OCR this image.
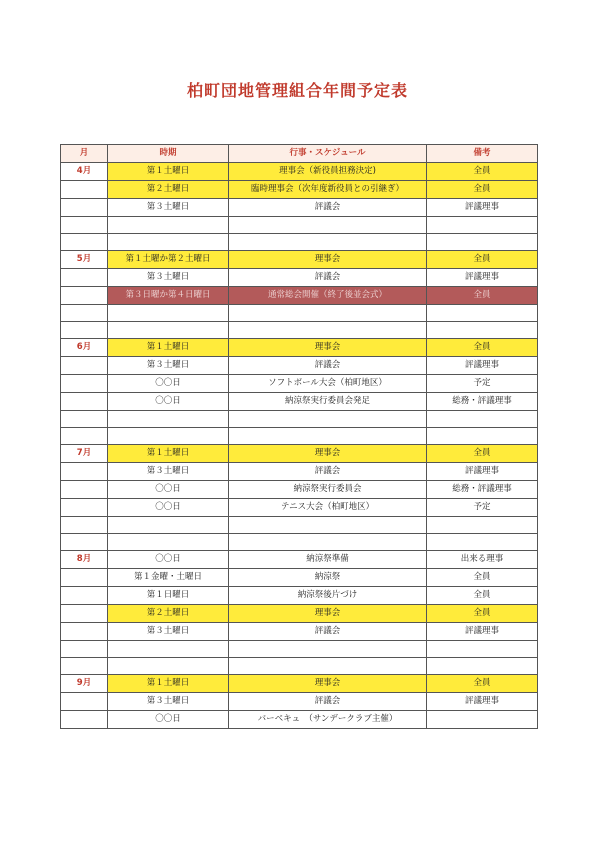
柏町団地管理組合年間予定表
月	時期	行事・スケジュール	備考
4月	第１土曜日	理事会（新役員担務決定)	全員
	第２土曜日	臨時理事会（次年度新役員との引継ぎ）	全員
	第３土曜日	評議会	評議理事

5月	第１土曜か第２土曜日	理事会	全員
	第３土曜日	評議会	評議理事
	第３日曜か第４日曜日	通常総会開催（終了後並会式）	全員

6月	第１土曜日	理事会	全員
	第３土曜日	評議会	評議理事
	〇〇日	ソフトボール大会（柏町地区）	予定
	〇〇日	納涼祭実行委員会発足	総務・評議理事

7月	第１土曜日	理事会	全員
	第３土曜日	評議会	評議理事
	〇〇日	納涼祭実行委員会	総務・評議理事
	〇〇日	テニス大会（柏町地区）	予定

8月	〇〇日	納涼祭準備	出来る理事
	第１金曜・土曜日	納涼祭	全員
	第１日曜日	納涼祭後片づけ	全員
	第２土曜日	理事会	全員
	第３土曜日	評議会	評議理事

9月	第１土曜日	理事会	全員
	第３土曜日	評議会	評議理事
	〇〇日	バーベキュ　（サンデークラブ主催）	
